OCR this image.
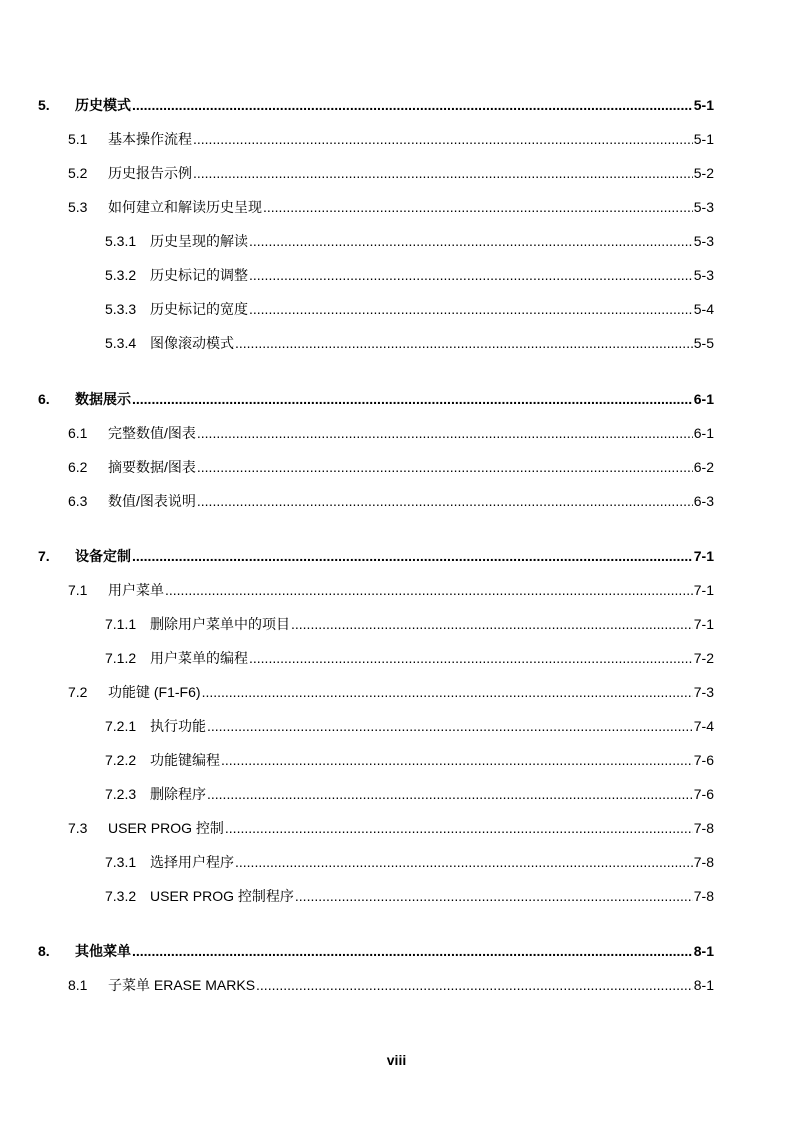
5.	历史模式 .....	5-1
5.1	基本操作流程 .....	5-1
5.2	历史报告示例 .....	5-2
5.3	如何建立和解读历史呈现 .....	5-3
5.3.1 历史呈现的解读 .....	5-3
5.3.2 历史标记的调整 .....	5-3
5.3.3 历史标记的宽度 .....	5-4
5.3.4 图像滚动模式 .....	5-5
6.	数据展示 .....	6-1
6.1	完整数值/图表 .....	6-1
6.2	摘要数据/图表 .....	6-2
6.3	数值/图表说明 .....	6-3
7.	设备定制 .....	7-1
7.1	用户菜单 .....	7-1
7.1.1 删除用户菜单中的项目 .....	7-1
7.1.2 用户菜单的编程 .....	7-2
7.2	功能键 (F1-F6) .....	7-3
7.2.1 执行功能 .....	7-4
7.2.2 功能键编程 .....	7-6
7.2.3 删除程序 .....	7-6
7.3	USER PROG 控制 .....	7-8
7.3.1 选择用户程序 .....	7-8
7.3.2 USER PROG 控制程序 .....	7-8
8.	其他菜单 .....	8-1
8.1	子菜单 ERASE MARKS .....	8-1
viii
